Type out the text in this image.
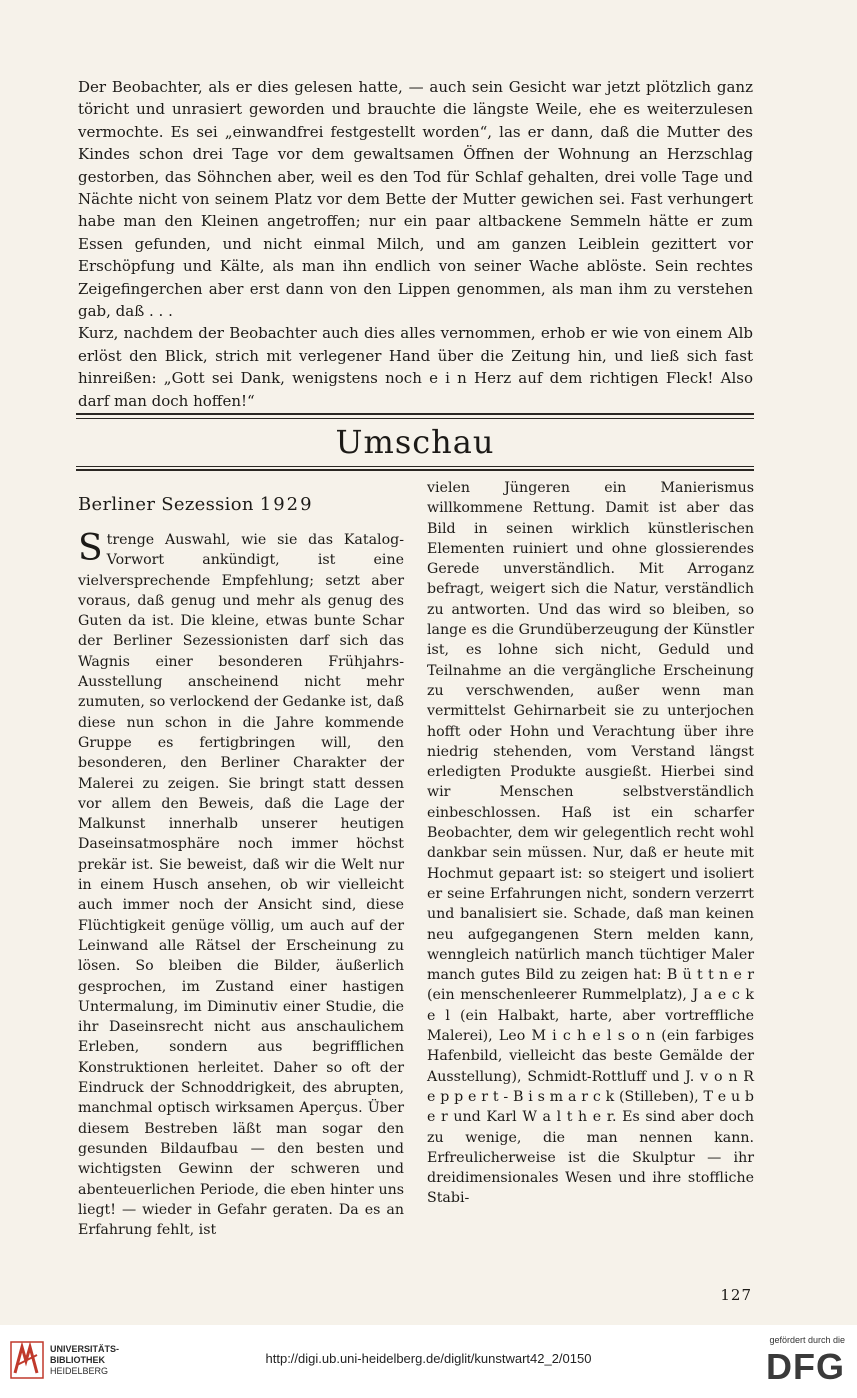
Der Beobachter, als er dies gelesen hatte, — auch sein Gesicht war jetzt plötzlich ganz töricht und unrasiert geworden und brauchte die längste Weile, ehe es weiterzulesen vermochte. Es sei „einwandfrei festgestellt worden“, las er dann, daß die Mutter des Kindes schon drei Tage vor dem gewaltsamen Öffnen der Wohnung an Herzschlag gestorben, das Söhnchen aber, weil es den Tod für Schlaf gehalten, drei volle Tage und Nächte nicht von seinem Platz vor dem Bette der Mutter gewichen sei. Fast verhungert habe man den Kleinen angetroffen; nur ein paar altbackene Semmeln hätte er zum Essen gefunden, und nicht einmal Milch, und am ganzen Leiblein gezittert vor Erschöpfung und Kälte, als man ihn endlich von seiner Wache ablöste. Sein rechtes Zeigefingerchen aber erst dann von den Lippen genommen, als man ihm zu verstehen gab, daß . . .

Kurz, nachdem der Beobachter auch dies alles vernommen, erhob er wie von einem Alb erlöst den Blick, strich mit verlegener Hand über die Zeitung hin, und ließ sich fast hinreißen: „Gott sei Dank, wenigstens noch e i n Herz auf dem richtigen Fleck! Also darf man doch hoffen!“

Umschau
Berliner Sezession 1929
Strenge Auswahl, wie sie das Katalog-Vorwort ankündigt, ist eine vielversprechende Empfehlung; setzt aber voraus, daß genug und mehr als genug des Guten da ist. Die kleine, etwas bunte Schar der Berliner Sezessionisten darf sich das Wagnis einer besonderen Frühjahrs-Ausstellung anscheinend nicht mehr zumuten, so verlockend der Gedanke ist, daß diese nun schon in die Jahre kommende Gruppe es fertigbringen will, den besonderen, den Berliner Charakter der Malerei zu zeigen. Sie bringt statt dessen vor allem den Beweis, daß die Lage der Malkunst innerhalb unserer heutigen Daseinsatmosphäre noch immer höchst prekär ist. Sie beweist, daß wir die Welt nur in einem Husch ansehen, ob wir vielleicht auch immer noch der Ansicht sind, diese Flüchtigkeit genüge völlig, um auch auf der Leinwand alle Rätsel der Erscheinung zu lösen. So bleiben die Bilder, äußerlich gesprochen, im Zustand einer hastigen Untermalung, im Diminutiv einer Studie, die ihr Daseinsrecht nicht aus anschaulichem Erleben, sondern aus begrifflichen Konstruktionen herleitet. Daher so oft der Eindruck der Schnoddrigkeit, des abrupten, manchmal optisch wirksamen Aperçus. Über diesem Bestreben läßt man sogar den gesunden Bildaufbau — den besten und wichtigsten Gewinn der schweren und abenteuerlichen Periode, die eben hinter uns liegt! — wieder in Gefahr geraten. Da es an Erfahrung fehlt, ist
vielen Jüngeren ein Manierismus willkommene Rettung. Damit ist aber das Bild in seinen wirklich künstlerischen Elementen ruiniert und ohne glossierendes Gerede unverständlich. Mit Arroganz befragt, weigert sich die Natur, verständlich zu antworten. Und das wird so bleiben, so lange es die Grundüberzeugung der Künstler ist, es lohne sich nicht, Geduld und Teilnahme an die vergängliche Erscheinung zu verschwenden, außer wenn man vermittelst Gehirnarbeit sie zu unterjochen hofft oder Hohn und Verachtung über ihre niedrig stehenden, vom Verstand längst erledigten Produkte ausgießt. Hierbei sind wir Menschen selbstverständlich einbeschlossen. Haß ist ein scharfer Beobachter, dem wir gelegentlich recht wohl dankbar sein müssen. Nur, daß er heute mit Hochmut gepaart ist: so steigert und isoliert er seine Erfahrungen nicht, sondern verzerrt und banalisiert sie. Schade, daß man keinen neu aufgegangenen Stern melden kann, wenngleich natürlich manch tüchtiger Maler manch gutes Bild zu zeigen hat: B ü t t n e r (ein menschenleerer Rummelplatz), J a e c k e l (ein Halbakt, harte, aber vortreffliche Malerei), Leo M i c h e l s o n (ein farbiges Hafenbild, vielleicht das beste Gemälde der Ausstellung), Schmidt-Rottluff und J. v o n R e p p e r t - B i s m a r c k (Stilleben), T e u b e r und Karl W a l t h e r. Es sind aber doch zu wenige, die man nennen kann. Erfreulicherweise ist die Skulptur — ihr dreidimensionales Wesen und ihre stoffliche Stabi-
127
UNIVERSITÄTS-
BIBLIOTHEK
HEIDELBERG
http://digi.ub.uni-heidelberg.de/diglit/kunstwart42_2/0150
gefördert durch die
DFG
